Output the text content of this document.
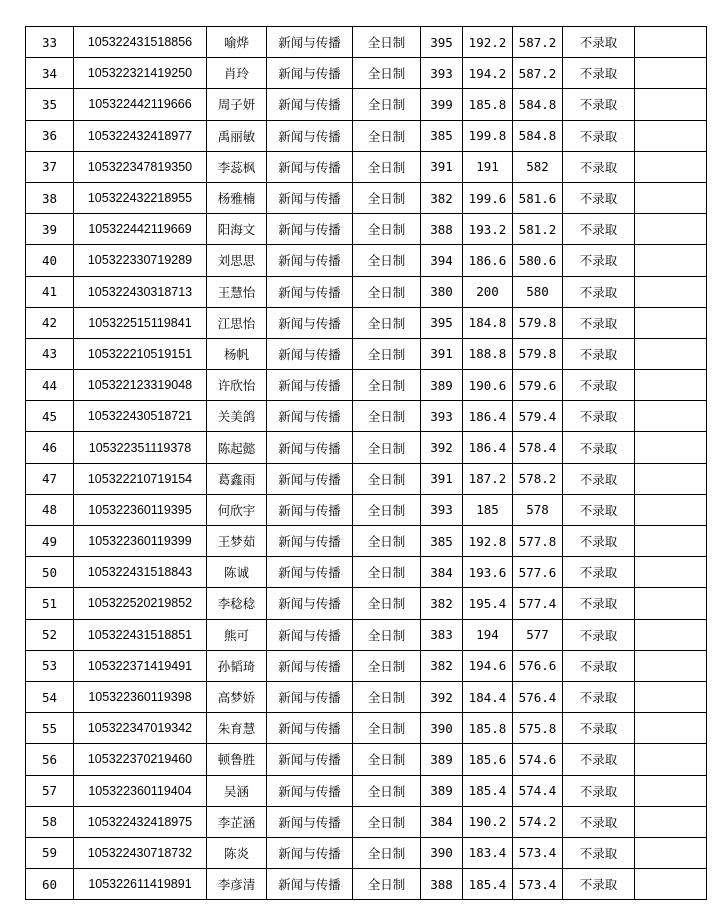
33	105322431518856	喻烨	新闻与传播	全日制	395	192.2	587.2	不录取	
34	105322321419250	肖玲	新闻与传播	全日制	393	194.2	587.2	不录取	
35	105322442119666	周子妍	新闻与传播	全日制	399	185.8	584.8	不录取	
36	105322432418977	禹丽敏	新闻与传播	全日制	385	199.8	584.8	不录取	
37	105322347819350	李蕊枫	新闻与传播	全日制	391	191	582	不录取	
38	105322432218955	杨雅楠	新闻与传播	全日制	382	199.6	581.6	不录取	
39	105322442119669	阳海文	新闻与传播	全日制	388	193.2	581.2	不录取	
40	105322330719289	刘思思	新闻与传播	全日制	394	186.6	580.6	不录取	
41	105322430318713	王慧怡	新闻与传播	全日制	380	200	580	不录取	
42	105322515119841	江思怡	新闻与传播	全日制	395	184.8	579.8	不录取	
43	105322210519151	杨帆	新闻与传播	全日制	391	188.8	579.8	不录取	
44	105322123319048	许欣怡	新闻与传播	全日制	389	190.6	579.6	不录取	
45	105322430518721	关美鸽	新闻与传播	全日制	393	186.4	579.4	不录取	
46	105322351119378	陈起懿	新闻与传播	全日制	392	186.4	578.4	不录取	
47	105322210719154	葛鑫雨	新闻与传播	全日制	391	187.2	578.2	不录取	
48	105322360119395	何欣宇	新闻与传播	全日制	393	185	578	不录取	
49	105322360119399	王梦茹	新闻与传播	全日制	385	192.8	577.8	不录取	
50	105322431518843	陈诚	新闻与传播	全日制	384	193.6	577.6	不录取	
51	105322520219852	李稔稔	新闻与传播	全日制	382	195.4	577.4	不录取	
52	105322431518851	熊可	新闻与传播	全日制	383	194	577	不录取	
53	105322371419491	孙韬琦	新闻与传播	全日制	382	194.6	576.6	不录取	
54	105322360119398	高梦娇	新闻与传播	全日制	392	184.4	576.4	不录取	
55	105322347019342	朱育慧	新闻与传播	全日制	390	185.8	575.8	不录取	
56	105322370219460	顿鲁胜	新闻与传播	全日制	389	185.6	574.6	不录取	
57	105322360119404	吴涵	新闻与传播	全日制	389	185.4	574.4	不录取	
58	105322432418975	李芷涵	新闻与传播	全日制	384	190.2	574.2	不录取	
59	105322430718732	陈炎	新闻与传播	全日制	390	183.4	573.4	不录取	
60	105322611419891	李彦清	新闻与传播	全日制	388	185.4	573.4	不录取	
